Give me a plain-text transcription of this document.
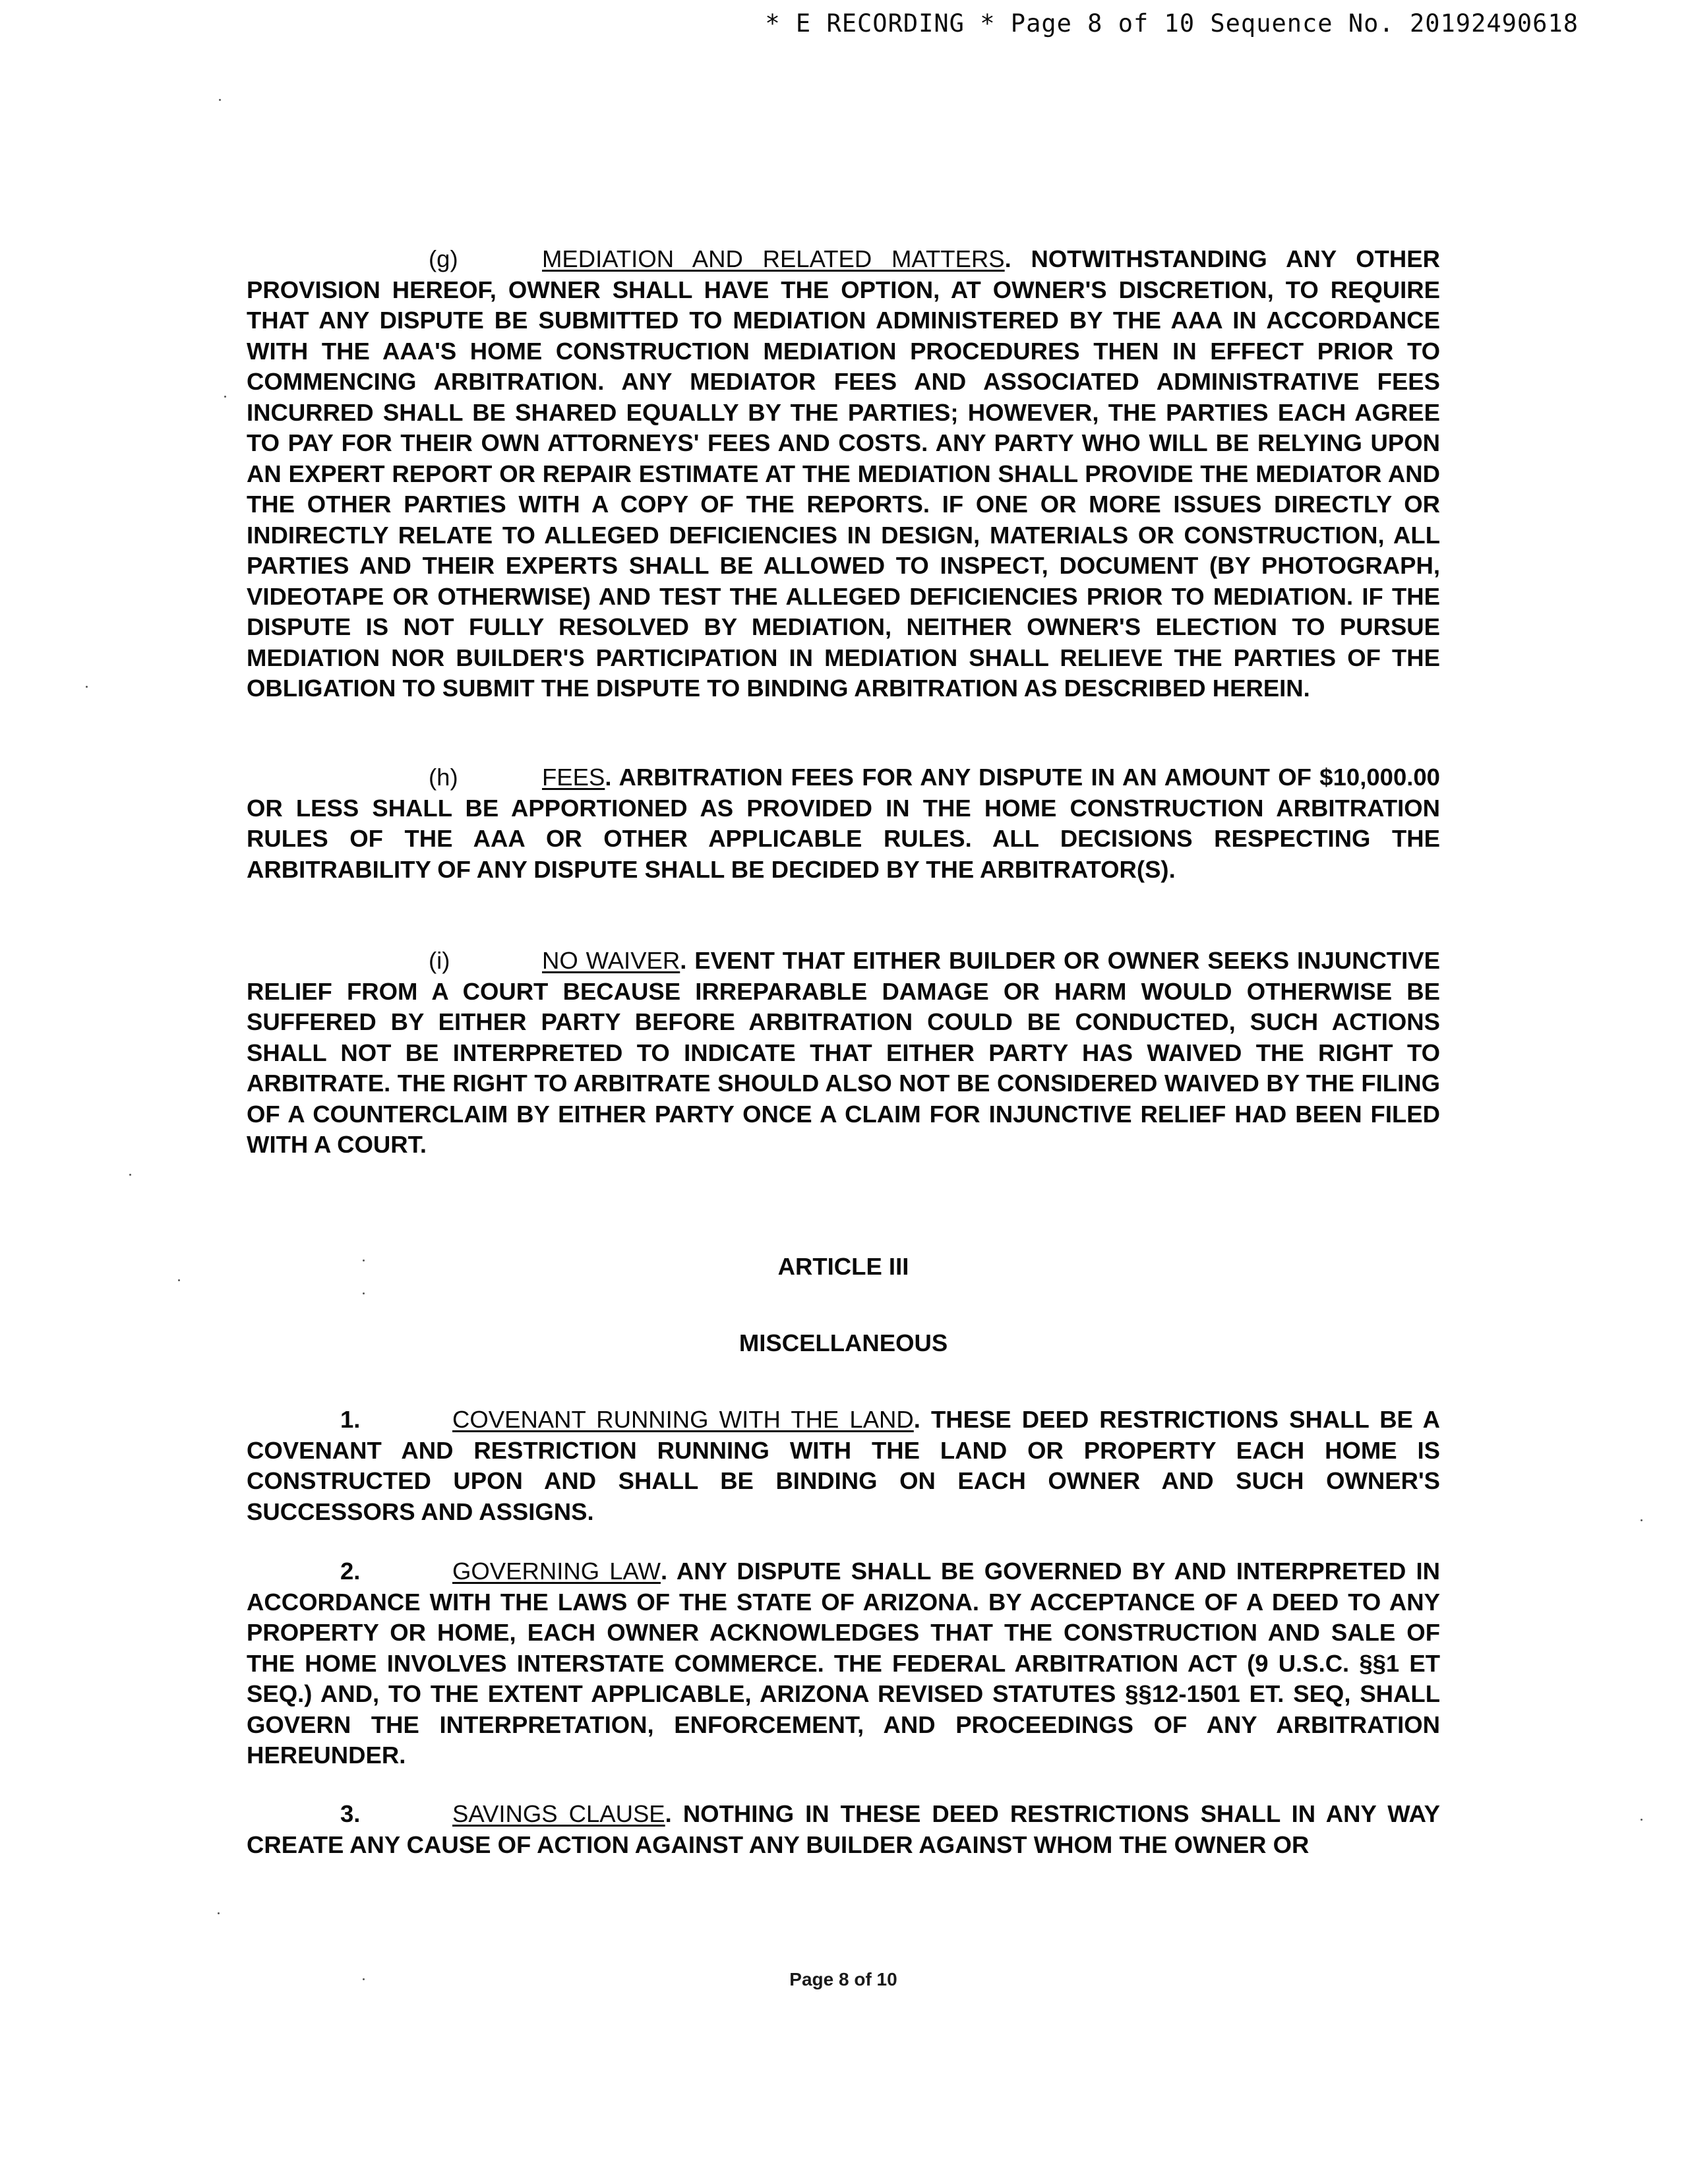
* E RECORDING * Page 8 of 10 Sequence No. 20192490618

(g)	MEDIATION AND RELATED MATTERS. NOTWITHSTANDING ANY OTHER PROVISION HEREOF, OWNER SHALL HAVE THE OPTION, AT OWNER'S DISCRETION, TO REQUIRE THAT ANY DISPUTE BE SUBMITTED TO MEDIATION ADMINISTERED BY THE AAA IN ACCORDANCE WITH THE AAA'S HOME CONSTRUCTION MEDIATION PROCEDURES THEN IN EFFECT PRIOR TO COMMENCING ARBITRATION. ANY MEDIATOR FEES AND ASSOCIATED ADMINISTRATIVE FEES INCURRED SHALL BE SHARED EQUALLY BY THE PARTIES; HOWEVER, THE PARTIES EACH AGREE TO PAY FOR THEIR OWN ATTORNEYS' FEES AND COSTS. ANY PARTY WHO WILL BE RELYING UPON AN EXPERT REPORT OR REPAIR ESTIMATE AT THE MEDIATION SHALL PROVIDE THE MEDIATOR AND THE OTHER PARTIES WITH A COPY OF THE REPORTS. IF ONE OR MORE ISSUES DIRECTLY OR INDIRECTLY RELATE TO ALLEGED DEFICIENCIES IN DESIGN, MATERIALS OR CONSTRUCTION, ALL PARTIES AND THEIR EXPERTS SHALL BE ALLOWED TO INSPECT, DOCUMENT (BY PHOTOGRAPH, VIDEOTAPE OR OTHERWISE) AND TEST THE ALLEGED DEFICIENCIES PRIOR TO MEDIATION. IF THE DISPUTE IS NOT FULLY RESOLVED BY MEDIATION, NEITHER OWNER'S ELECTION TO PURSUE MEDIATION NOR BUILDER'S PARTICIPATION IN MEDIATION SHALL RELIEVE THE PARTIES OF THE OBLIGATION TO SUBMIT THE DISPUTE TO BINDING ARBITRATION AS DESCRIBED HEREIN.

(h)	FEES. ARBITRATION FEES FOR ANY DISPUTE IN AN AMOUNT OF $10,000.00 OR LESS SHALL BE APPORTIONED AS PROVIDED IN THE HOME CONSTRUCTION ARBITRATION RULES OF THE AAA OR OTHER APPLICABLE RULES. ALL DECISIONS RESPECTING THE ARBITRABILITY OF ANY DISPUTE SHALL BE DECIDED BY THE ARBITRATOR(S).

(i)	NO WAIVER. EVENT THAT EITHER BUILDER OR OWNER SEEKS INJUNCTIVE RELIEF FROM A COURT BECAUSE IRREPARABLE DAMAGE OR HARM WOULD OTHERWISE BE SUFFERED BY EITHER PARTY BEFORE ARBITRATION COULD BE CONDUCTED, SUCH ACTIONS SHALL NOT BE INTERPRETED TO INDICATE THAT EITHER PARTY HAS WAIVED THE RIGHT TO ARBITRATE. THE RIGHT TO ARBITRATE SHOULD ALSO NOT BE CONSIDERED WAIVED BY THE FILING OF A COUNTERCLAIM BY EITHER PARTY ONCE A CLAIM FOR INJUNCTIVE RELIEF HAD BEEN FILED WITH A COURT.

ARTICLE III
MISCELLANEOUS

1.	COVENANT RUNNING WITH THE LAND. THESE DEED RESTRICTIONS SHALL BE A COVENANT AND RESTRICTION RUNNING WITH THE LAND OR PROPERTY EACH HOME IS CONSTRUCTED UPON AND SHALL BE BINDING ON EACH OWNER AND SUCH OWNER'S SUCCESSORS AND ASSIGNS.

2.	GOVERNING LAW. ANY DISPUTE SHALL BE GOVERNED BY AND INTERPRETED IN ACCORDANCE WITH THE LAWS OF THE STATE OF ARIZONA. BY ACCEPTANCE OF A DEED TO ANY PROPERTY OR HOME, EACH OWNER ACKNOWLEDGES THAT THE CONSTRUCTION AND SALE OF THE HOME INVOLVES INTERSTATE COMMERCE. THE FEDERAL ARBITRATION ACT (9 U.S.C. §§1 ET SEQ.) AND, TO THE EXTENT APPLICABLE, ARIZONA REVISED STATUTES §§12-1501 ET. SEQ, SHALL GOVERN THE INTERPRETATION, ENFORCEMENT, AND PROCEEDINGS OF ANY ARBITRATION HEREUNDER.

3.	SAVINGS CLAUSE. NOTHING IN THESE DEED RESTRICTIONS SHALL IN ANY WAY CREATE ANY CAUSE OF ACTION AGAINST ANY BUILDER AGAINST WHOM THE OWNER OR

Page 8 of 10
